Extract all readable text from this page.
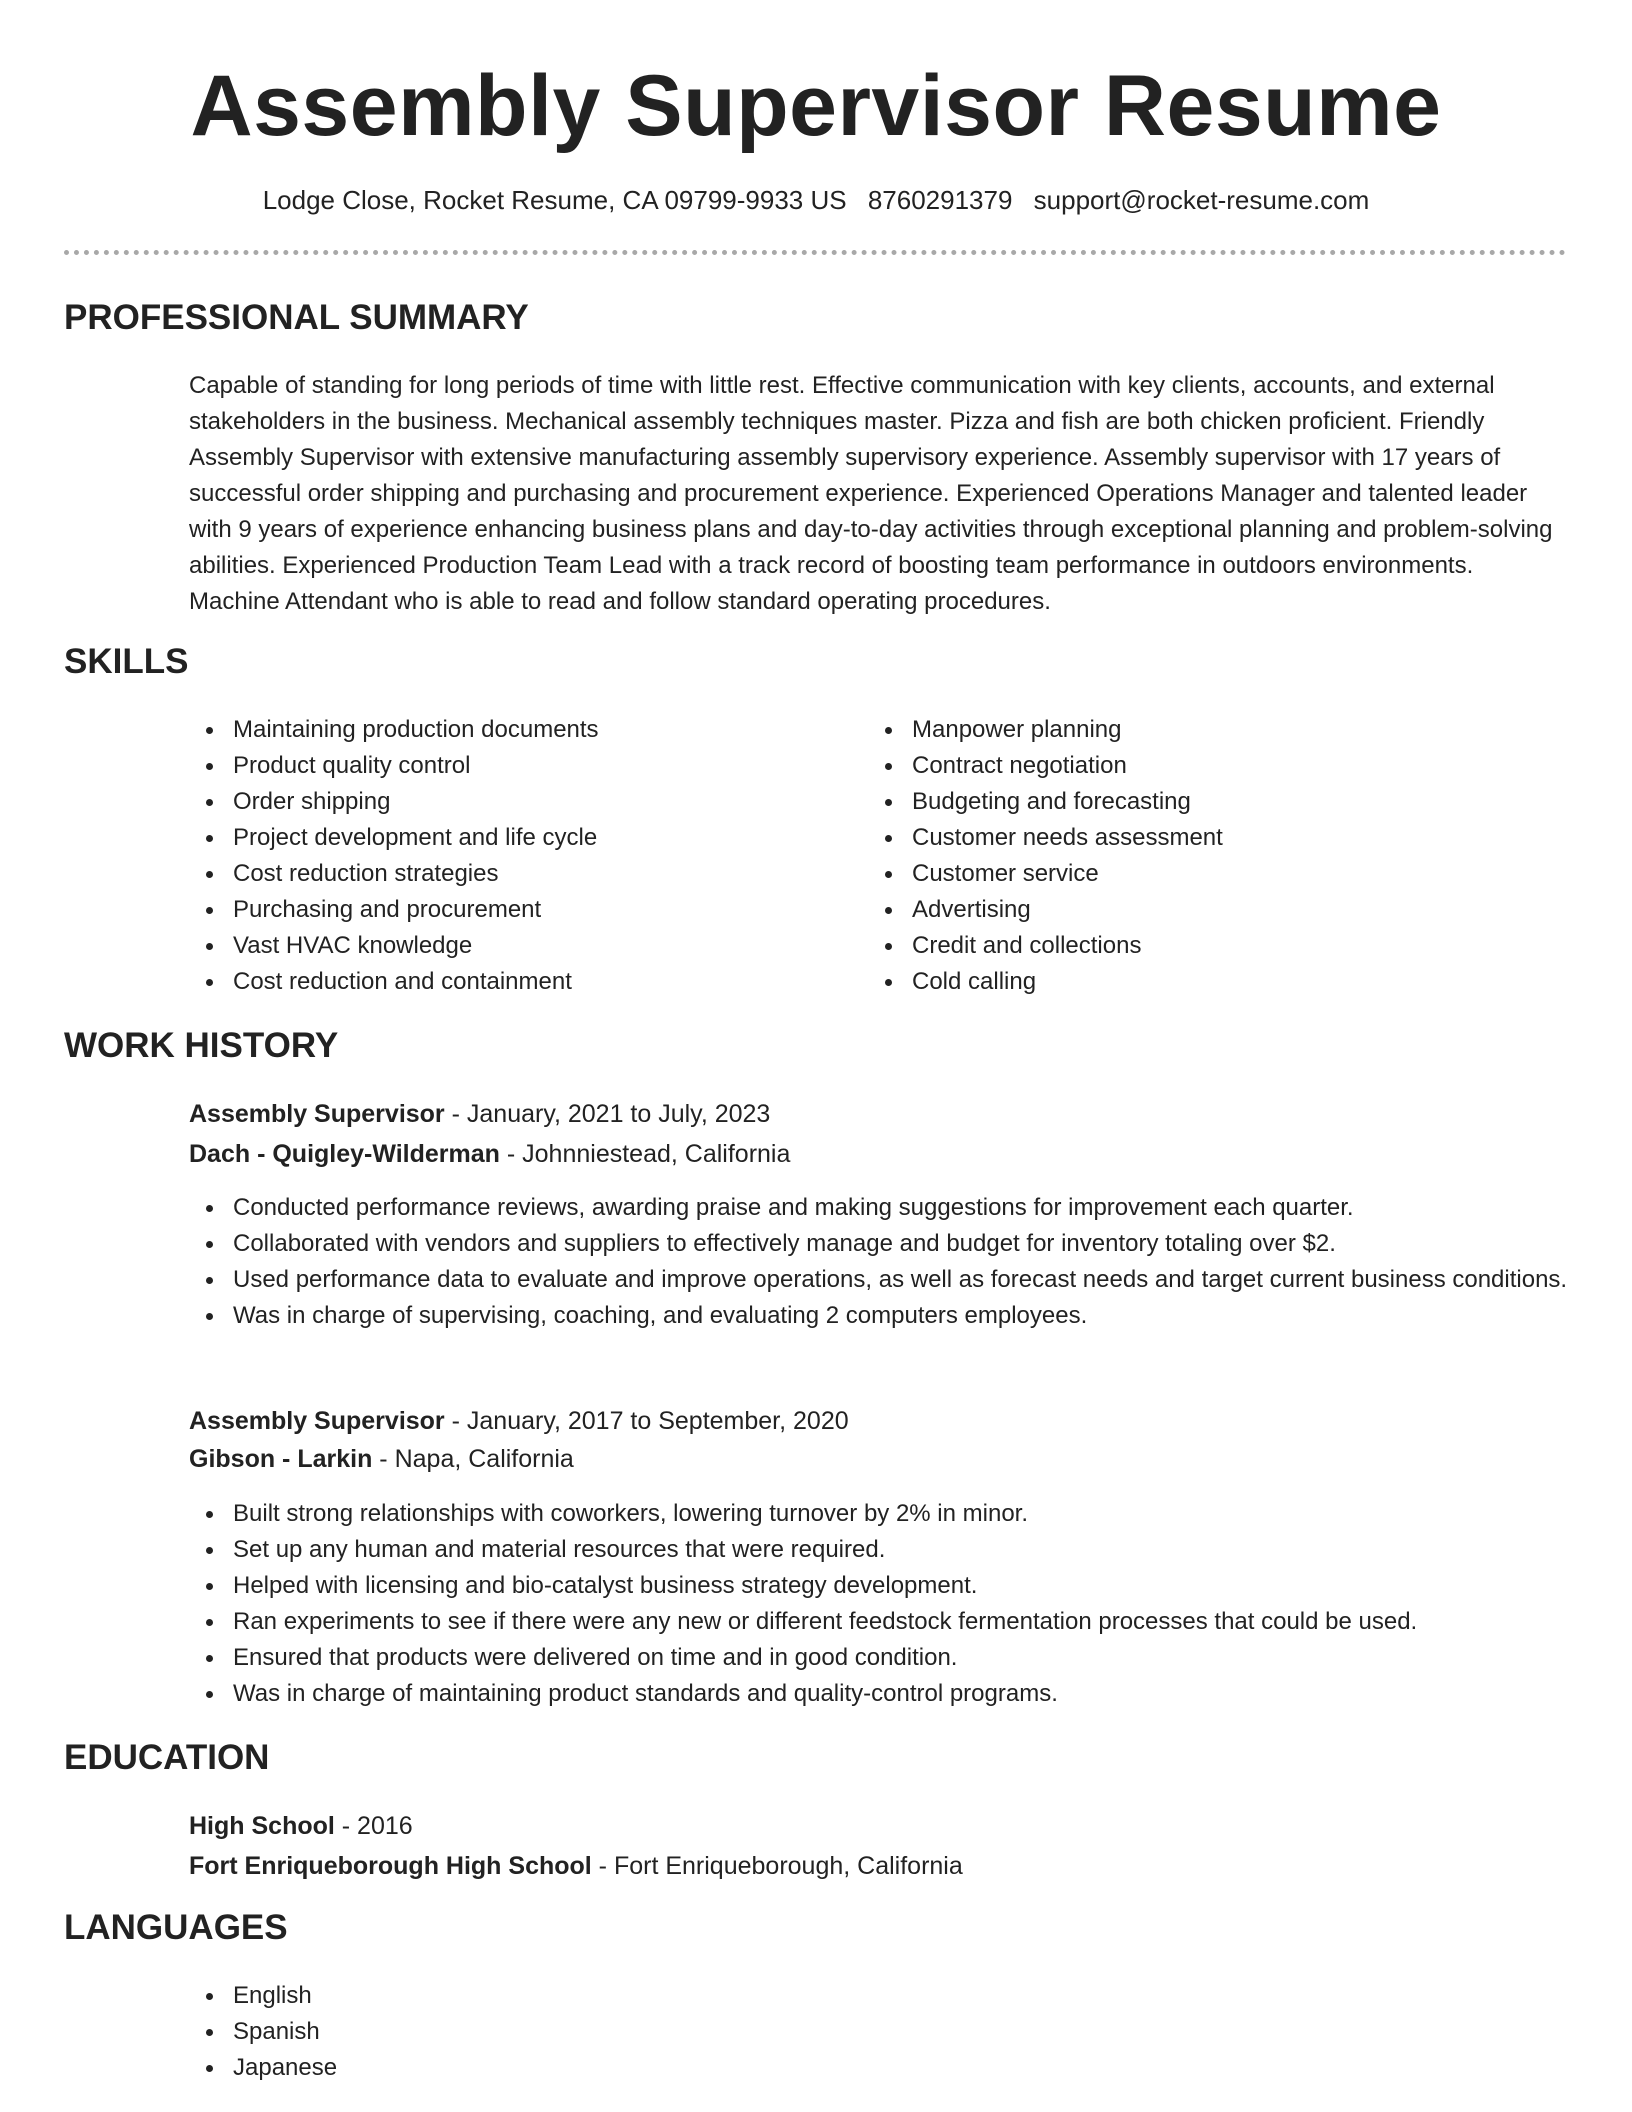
Assembly Supervisor Resume
Lodge Close, Rocket Resume, CA 09799-9933 US 8760291379 support@rocket-resume.com
PROFESSIONAL SUMMARY

Capable of standing for long periods of time with little rest. Effective communication with key clients, accounts, and external stakeholders in the business. Mechanical assembly techniques master. Pizza and fish are both chicken proficient. Friendly Assembly Supervisor with extensive manufacturing assembly supervisory experience. Assembly supervisor with 17 years of successful order shipping and purchasing and procurement experience. Experienced Operations Manager and talented leader with 9 years of experience enhancing business plans and day-to-day activities through exceptional planning and problem-solving abilities. Experienced Production Team Lead with a track record of boosting team performance in outdoors environments. Machine Attendant who is able to read and follow standard operating procedures.

SKILLS
Maintaining production documents
Product quality control
Order shipping
Project development and life cycle
Cost reduction strategies
Purchasing and procurement
Vast HVAC knowledge
Cost reduction and containment
Manpower planning
Contract negotiation
Budgeting and forecasting
Customer needs assessment
Customer service
Advertising
Credit and collections
Cold calling
WORK HISTORY

Assembly Supervisor - January, 2021 to July, 2023

Dach - Quigley-Wilderman - Johnniestead, California

Conducted performance reviews, awarding praise and making suggestions for improvement each quarter.
Collaborated with vendors and suppliers to effectively manage and budget for inventory totaling over $2.
Used performance data to evaluate and improve operations, as well as forecast needs and target current business conditions.
Was in charge of supervising, coaching, and evaluating 2 computers employees.

Assembly Supervisor - January, 2017 to September, 2020

Gibson - Larkin - Napa, California

Built strong relationships with coworkers, lowering turnover by 2% in minor.
Set up any human and material resources that were required.
Helped with licensing and bio-catalyst business strategy development.
Ran experiments to see if there were any new or different feedstock fermentation processes that could be used.
Ensured that products were delivered on time and in good condition.
Was in charge of maintaining product standards and quality-control programs.
EDUCATION

High School - 2016

Fort Enriqueborough High School - Fort Enriqueborough, California

LANGUAGES
English
Spanish
Japanese
